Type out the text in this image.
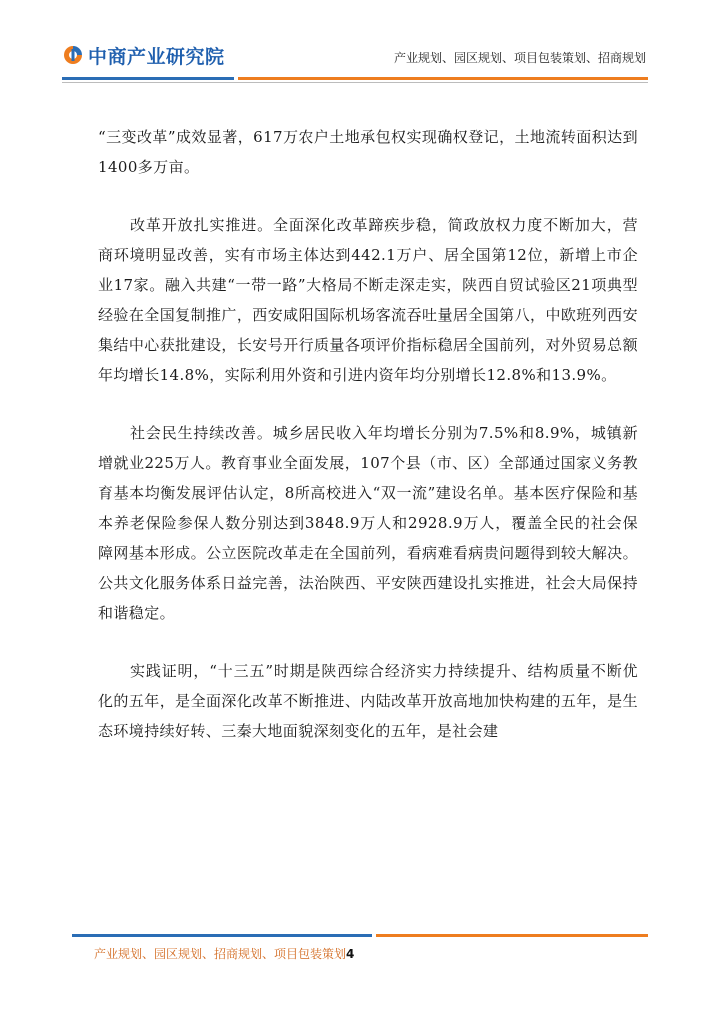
中商产业研究院	产业规划、园区规划、项目包装策划、招商规划

“三变改革”成效显著，617万农户土地承包权实现确权登记，土地流转面积达到1400多万亩。

改革开放扎实推进。全面深化改革蹄疾步稳，简政放权力度不断加大，营商环境明显改善，实有市场主体达到442.1万户、居全国第12位，新增上市企业17家。融入共建“一带一路”大格局不断走深走实，陕西自贸试验区21项典型经验在全国复制推广，西安咸阳国际机场客流吞吐量居全国第八，中欧班列西安集结中心获批建设，长安号开行质量各项评价指标稳居全国前列，对外贸易总额年均增长14.8%，实际利用外资和引进内资年均分别增长12.8%和13.9%。

社会民生持续改善。城乡居民收入年均增长分别为7.5%和8.9%，城镇新增就业225万人。教育事业全面发展，107个县（市、区）全部通过国家义务教育基本均衡发展评估认定，8所高校进入“双一流”建设名单。基本医疗保险和基本养老保险参保人数分别达到3848.9万人和2928.9万人，覆盖全民的社会保障网基本形成。公立医院改革走在全国前列，看病难看病贵问题得到较大解决。公共文化服务体系日益完善，法治陕西、平安陕西建设扎实推进，社会大局保持和谐稳定。

实践证明，“十三五”时期是陕西综合经济实力持续提升、结构质量不断优化的五年，是全面深化改革不断推进、内陆改革开放高地加快构建的五年，是生态环境持续好转、三秦大地面貌深刻变化的五年，是社会建

产业规划、园区规划、招商规划、项目包装策划4
